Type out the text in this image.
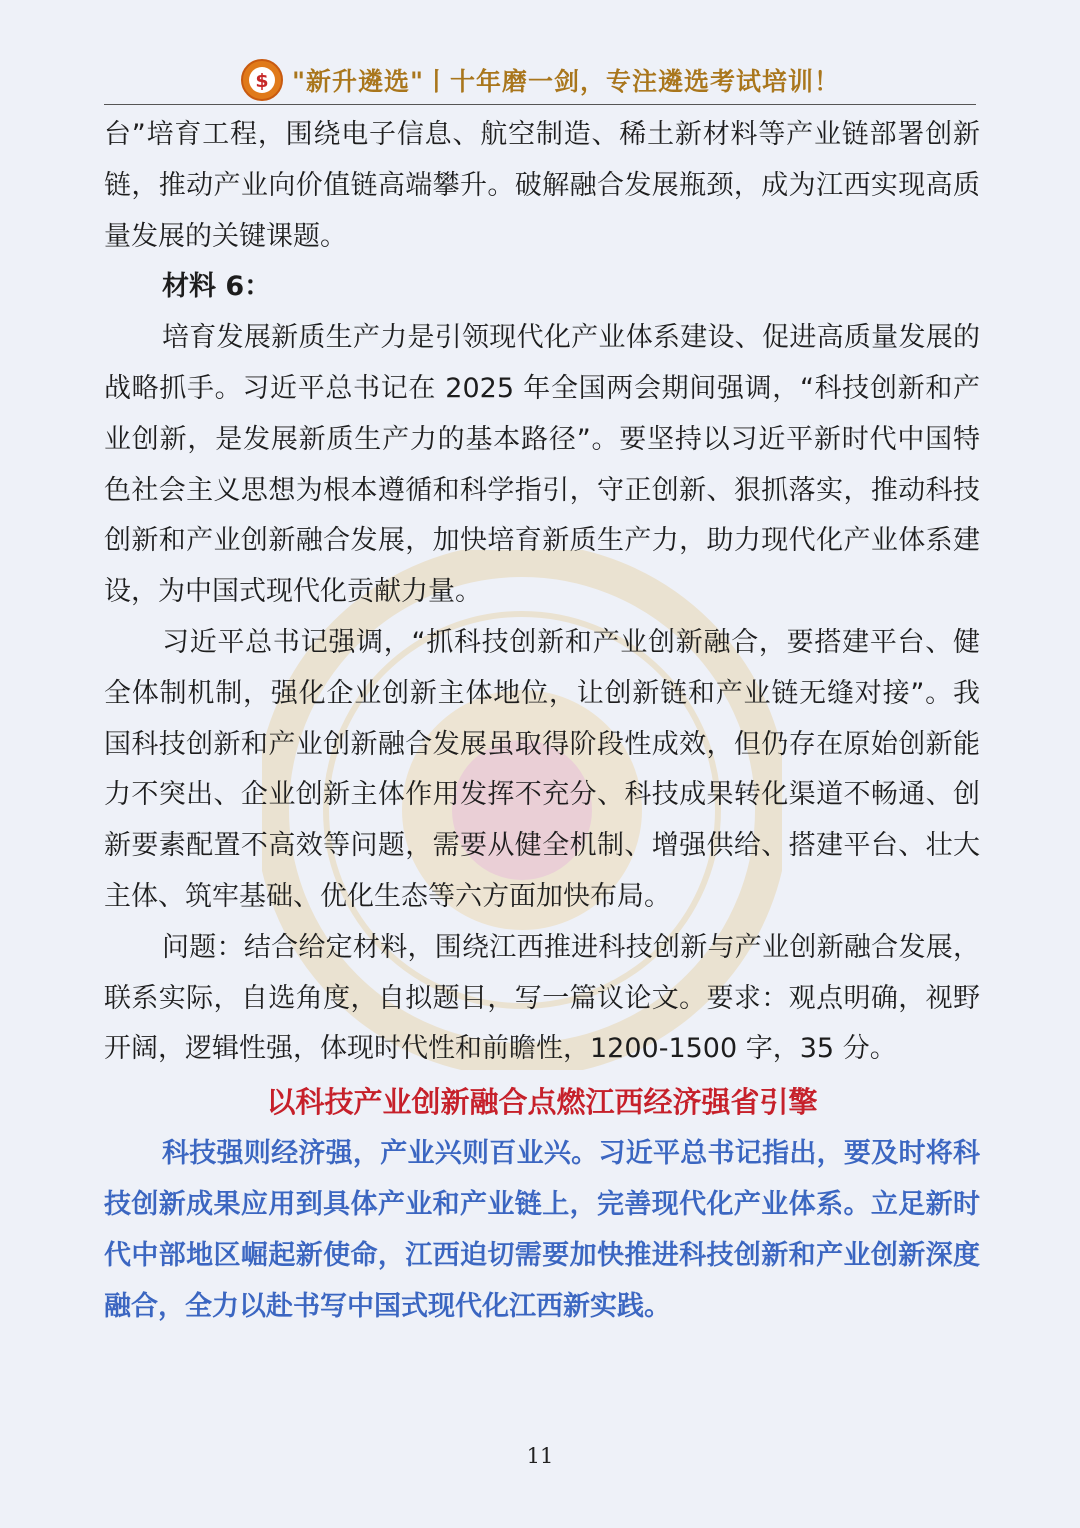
$ "新升遴选"丨十年磨一剑，专注遴选考试培训！

台”培育工程，围绕电子信息、航空制造、稀土新材料等产业链部署创新链，推动产业向价值链高端攀升。破解融合发展瓶颈，成为江西实现高质量发展的关键课题。

材料 6：

培育发展新质生产力是引领现代化产业体系建设、促进高质量发展的战略抓手。习近平总书记在 2025 年全国两会期间强调，“科技创新和产业创新，是发展新质生产力的基本路径”。要坚持以习近平新时代中国特色社会主义思想为根本遵循和科学指引，守正创新、狠抓落实，推动科技创新和产业创新融合发展，加快培育新质生产力，助力现代化产业体系建设，为中国式现代化贡献力量。

习近平总书记强调，“抓科技创新和产业创新融合，要搭建平台、健全体制机制，强化企业创新主体地位，让创新链和产业链无缝对接”。我国科技创新和产业创新融合发展虽取得阶段性成效，但仍存在原始创新能力不突出、企业创新主体作用发挥不充分、科技成果转化渠道不畅通、创新要素配置不高效等问题，需要从健全机制、增强供给、搭建平台、壮大主体、筑牢基础、优化生态等六方面加快布局。

问题：结合给定材料，围绕江西推进科技创新与产业创新融合发展，联系实际，自选角度，自拟题目，写一篇议论文。要求：观点明确，视野开阔，逻辑性强，体现时代性和前瞻性，1200-1500 字，35 分。

以科技产业创新融合点燃江西经济强省引擎

科技强则经济强，产业兴则百业兴。习近平总书记指出，要及时将科技创新成果应用到具体产业和产业链上，完善现代化产业体系。立足新时代中部地区崛起新使命，江西迫切需要加快推进科技创新和产业创新深度融合，全力以赴书写中国式现代化江西新实践。

11
